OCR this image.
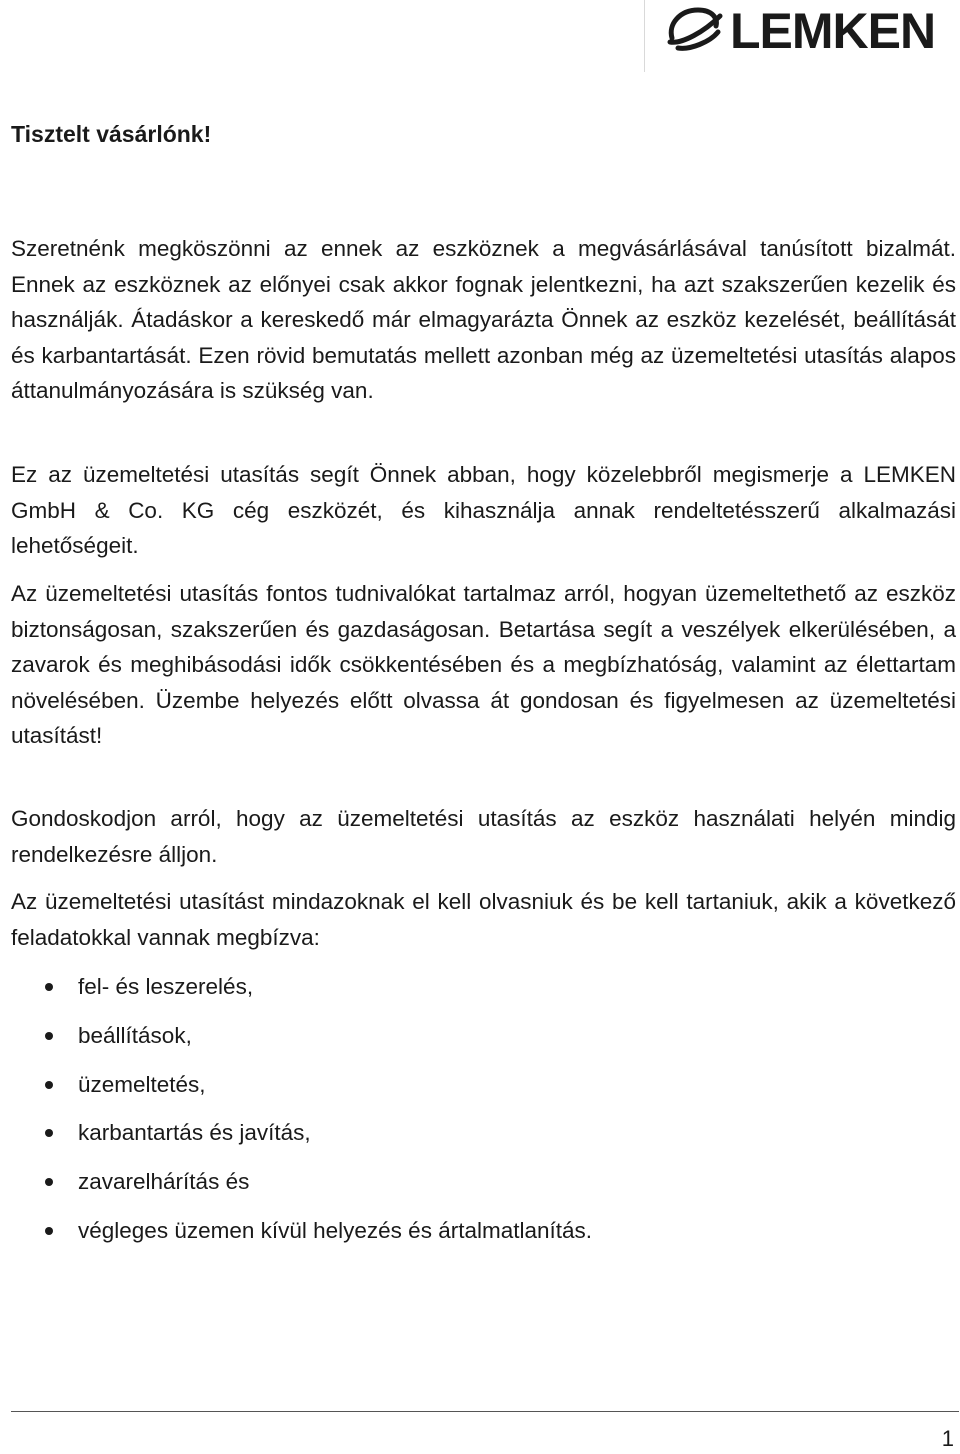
LEMKEN
Tisztelt vásárlónk!

Szeretnénk megköszönni az ennek az eszköznek a megvásárlásával tanúsított bizalmát. Ennek az eszköznek az előnyei csak akkor fognak jelentkezni, ha azt szakszerűen kezelik és használják. Átadáskor a kereskedő már elmagyarázta Önnek az eszköz kezelését, beállítását és karbantartását. Ezen rövid bemutatás mellett azonban még az üzemeltetési utasítás alapos áttanulmányozására is szükség van.

Ez az üzemeltetési utasítás segít Önnek abban, hogy közelebbről megismerje a LEMKEN GmbH & Co. KG cég eszközét, és kihasználja annak rendeltetésszerű alkalmazási lehetőségeit.

Az üzemeltetési utasítás fontos tudnivalókat tartalmaz arról, hogyan üzemeltethető az eszköz biztonságosan, szakszerűen és gazdaságosan. Betartása segít a veszélyek elkerülésében, a zavarok és meghibásodási idők csökkentésében és a megbízhatóság, valamint az élettartam növelésében. Üzembe helyezés előtt olvassa át gondosan és figyelmesen az üzemeltetési utasítást!

Gondoskodjon arról, hogy az üzemeltetési utasítás az eszköz használati helyén mindig rendelkezésre álljon.

Az üzemeltetési utasítást mindazoknak el kell olvasniuk és be kell tartaniuk, akik a következő feladatokkal vannak megbízva:

fel- és leszerelés,
beállítások,
üzemeltetés,
karbantartás és javítás,
zavarelhárítás és
végleges üzemen kívül helyezés és ártalmatlanítás.
1
